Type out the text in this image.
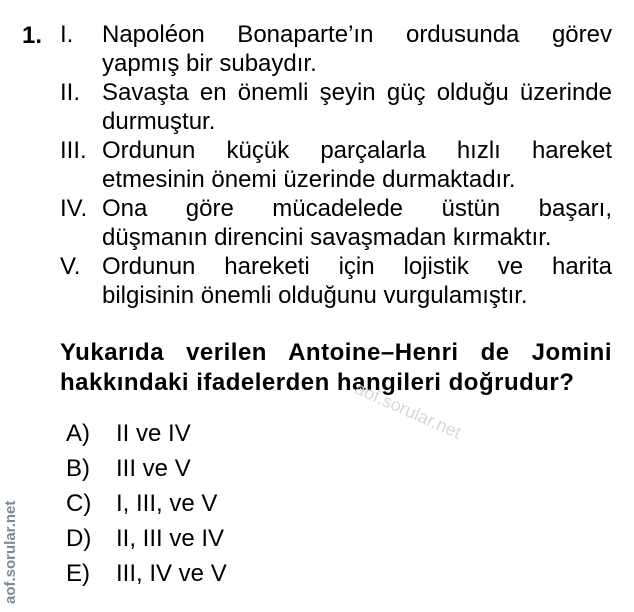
1. I. Napoléon Bonaparte’ın ordusunda görev
yapmış bir subaydır.
II. Savaşta en önemli şeyin güç olduğu üzerinde
durmuştur.
III. Ordunun küçük parçalarla hızlı hareket
etmesinin önemi üzerinde durmaktadır.
IV. Ona göre mücadelede üstün başarı,
düşmanın direncini savaşmadan kırmaktır.
V. Ordunun hareketi için lojistik ve harita
bilgisinin önemli olduğunu vurgulamıştır.
Yukarıda verilen Antoine–Henri de Jomini
hakkındaki ifadelerden hangileri doğrudur?
aof.sorular.net
A) II ve IV
B) III ve V
C) I, III, ve V
D) II, III ve IV
E) III, IV ve V
aof.sorular.net
